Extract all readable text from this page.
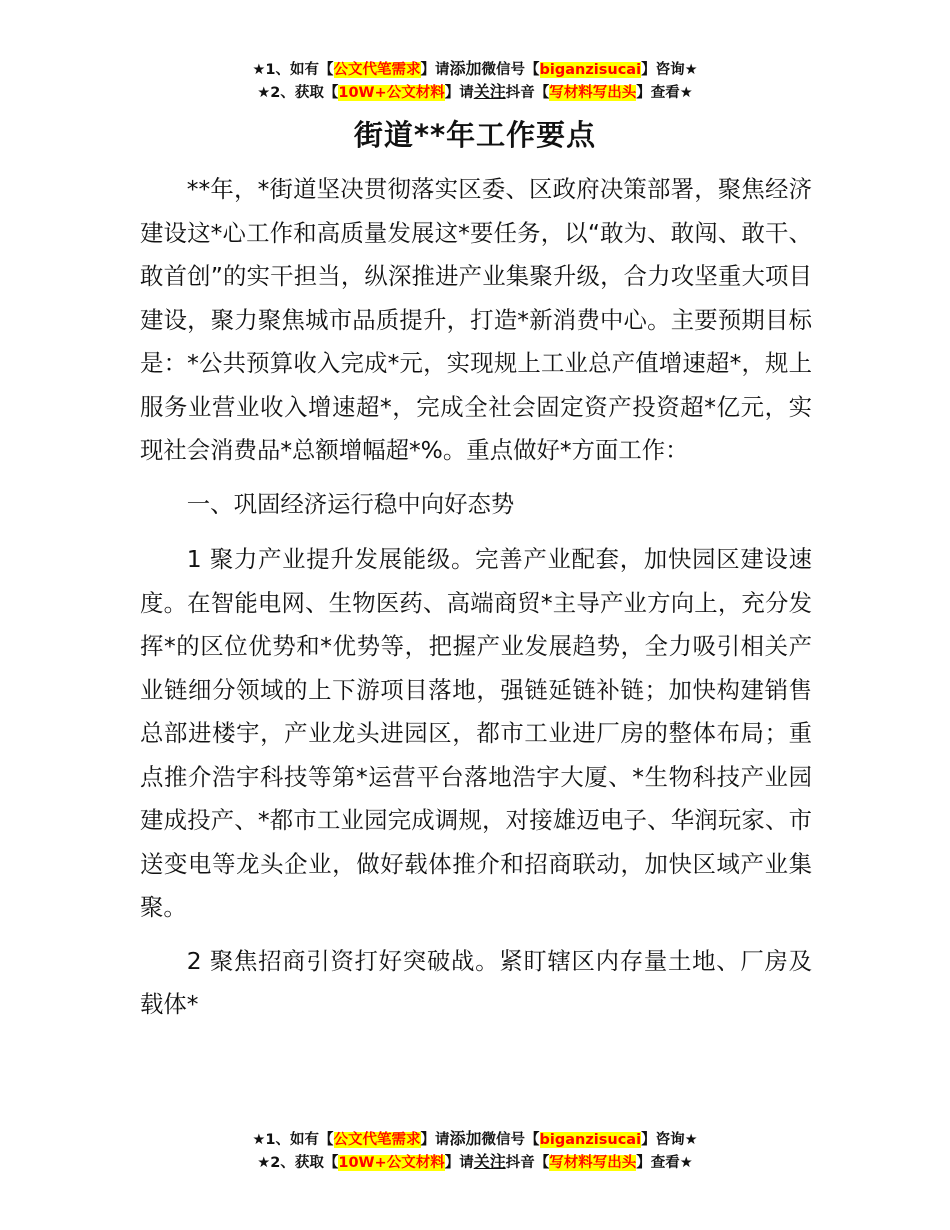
★1、如有【公文代笔需求】请添加微信号【biganzisucai】咨询★
★2、获取【10W+公文材料】请关注抖音【写材料写出头】查看★
街道**年工作要点

**年，*街道坚决贯彻落实区委、区政府决策部署，聚焦经济建设这*心工作和高质量发展这*要任务，以“敢为、敢闯、敢干、敢首创”的实干担当，纵深推进产业集聚升级，合力攻坚重大项目建设，聚力聚焦城市品质提升，打造*新消费中心。主要预期目标是：*公共预算收入完成*元，实现规上工业总产值增速超*，规上服务业营业收入增速超*，完成全社会固定资产投资超*亿元，实现社会消费品*总额增幅超*%。重点做好*方面工作：

一、巩固经济运行稳中向好态势

1 聚力产业提升发展能级。完善产业配套，加快园区建设速度。在智能电网、生物医药、高端商贸*主导产业方向上，充分发挥*的区位优势和*优势等，把握产业发展趋势，全力吸引相关产业链细分领域的上下游项目落地，强链延链补链；加快构建销售总部进楼宇，产业龙头进园区，都市工业进厂房的整体布局；重点推介浩宇科技等第*运营平台落地浩宇大厦、*生物科技产业园建成投产、*都市工业园完成调规，对接雄迈电子、华润玩家、市送变电等龙头企业，做好载体推介和招商联动，加快区域产业集聚。

2 聚焦招商引资打好突破战。紧盯辖区内存量土地、厂房及载体*

★1、如有【公文代笔需求】请添加微信号【biganzisucai】咨询★
★2、获取【10W+公文材料】请关注抖音【写材料写出头】查看★
